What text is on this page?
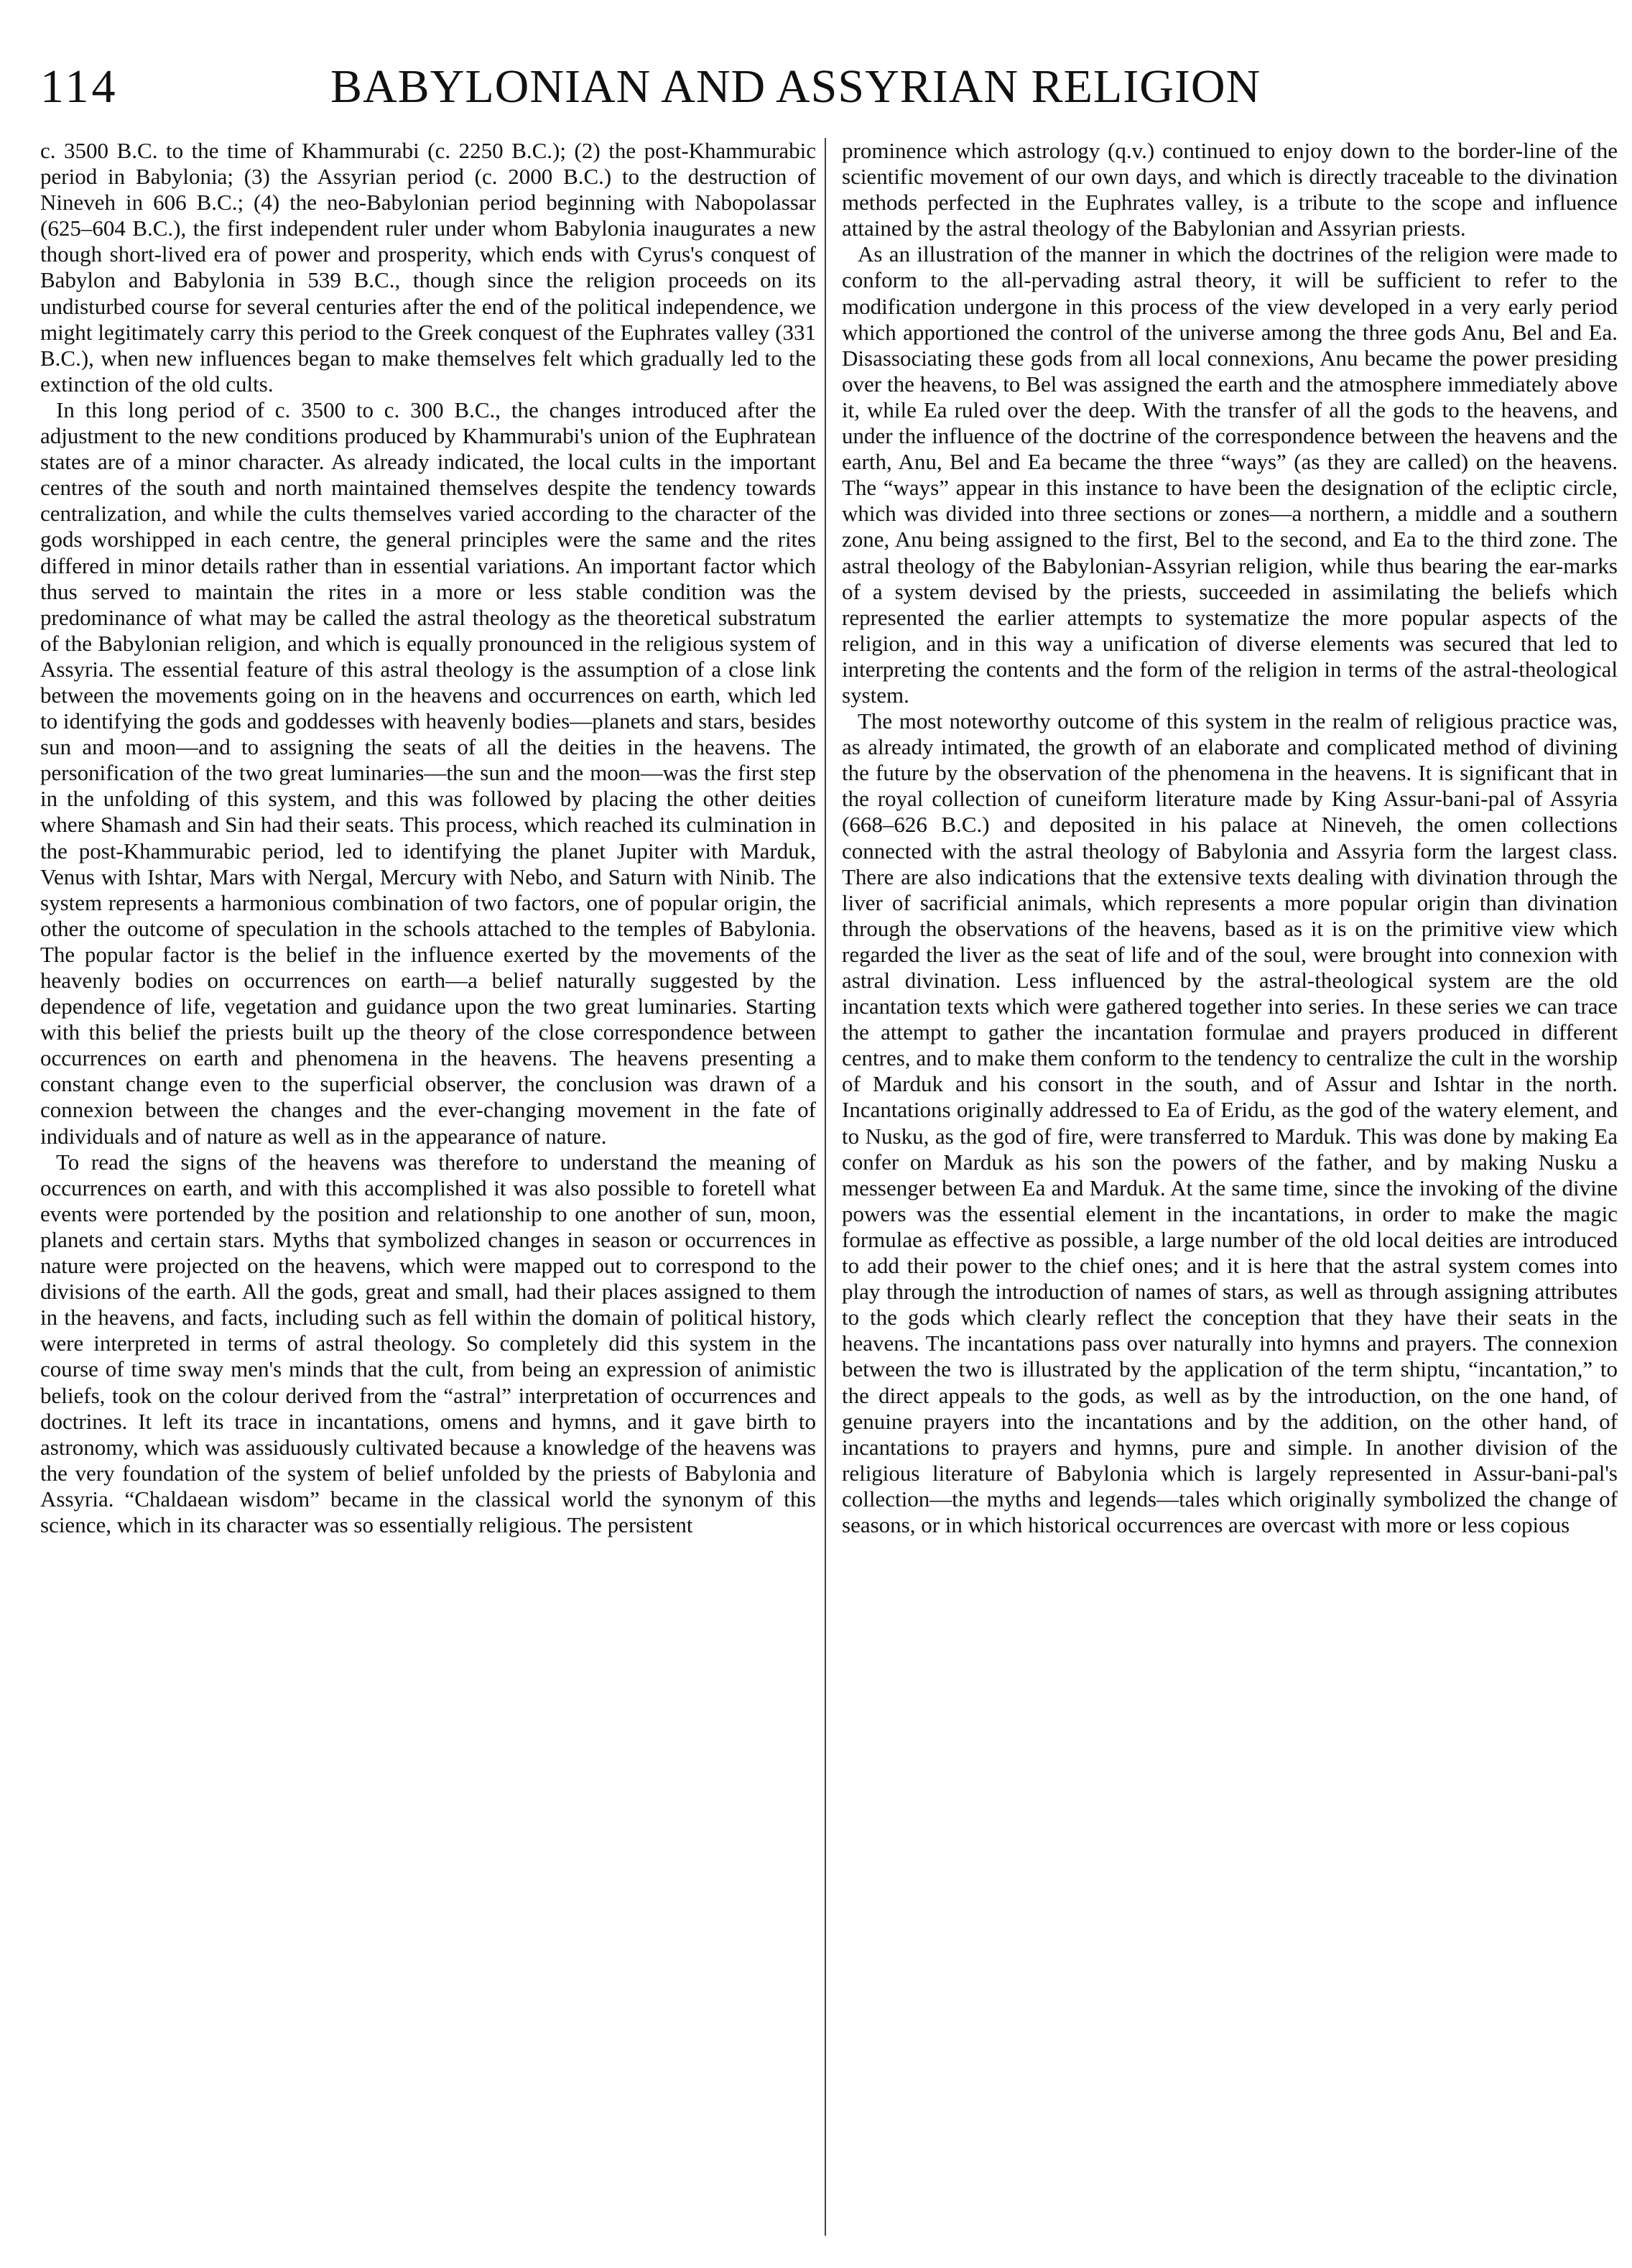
114	BABYLONIAN AND ASSYRIAN RELIGION

c. 3500 B.C. to the time of Khammurabi (c. 2250 B.C.); (2) the post-Khammurabic period in Babylonia; (3) the Assyrian period (c. 2000 B.C.) to the destruction of Nineveh in 606 B.C.; (4) the neo-Babylonian period beginning with Nabopolassar (625–604 B.C.), the first independent ruler under whom Babylonia inaugurates a new though short-lived era of power and prosperity, which ends with Cyrus's conquest of Babylon and Babylonia in 539 B.C., though since the religion proceeds on its undisturbed course for several centuries after the end of the political independence, we might legitimately carry this period to the Greek conquest of the Euphrates valley (331 B.C.), when new influences began to make themselves felt which gradually led to the extinction of the old cults.

In this long period of c. 3500 to c. 300 B.C., the changes introduced after the adjustment to the new conditions produced by Khammurabi's union of the Euphratean states are of a minor character. As already indicated, the local cults in the important centres of the south and north maintained themselves despite the tendency towards centralization, and while the cults themselves varied according to the character of the gods worshipped in each centre, the general principles were the same and the rites differed in minor details rather than in essential variations. An important factor which thus served to maintain the rites in a more or less stable condition was the predominance of what may be called the astral theology as the theoretical substratum of the Babylonian religion, and which is equally pronounced in the religious system of Assyria. The essential feature of this astral theology is the assumption of a close link between the movements going on in the heavens and occurrences on earth, which led to identifying the gods and goddesses with heavenly bodies—planets and stars, besides sun and moon—and to assigning the seats of all the deities in the heavens. The personification of the two great luminaries—the sun and the moon—was the first step in the unfolding of this system, and this was followed by placing the other deities where Shamash and Sin had their seats. This process, which reached its culmination in the post-Khammurabic period, led to identifying the planet Jupiter with Marduk, Venus with Ishtar, Mars with Nergal, Mercury with Nebo, and Saturn with Ninib. The system represents a harmonious combination of two factors, one of popular origin, the other the outcome of speculation in the schools attached to the temples of Babylonia. The popular factor is the belief in the influence exerted by the movements of the heavenly bodies on occurrences on earth—a belief naturally suggested by the dependence of life, vegetation and guidance upon the two great luminaries. Starting with this belief the priests built up the theory of the close correspondence between occurrences on earth and phenomena in the heavens. The heavens presenting a constant change even to the superficial observer, the conclusion was drawn of a connexion between the changes and the ever-changing movement in the fate of individuals and of nature as well as in the appearance of nature.

To read the signs of the heavens was therefore to understand the meaning of occurrences on earth, and with this accomplished it was also possible to foretell what events were portended by the position and relationship to one another of sun, moon, planets and certain stars. Myths that symbolized changes in season or occurrences in nature were projected on the heavens, which were mapped out to correspond to the divisions of the earth. All the gods, great and small, had their places assigned to them in the heavens, and facts, including such as fell within the domain of political history, were interpreted in terms of astral theology. So completely did this system in the course of time sway men's minds that the cult, from being an expression of animistic beliefs, took on the colour derived from the “astral” interpretation of occurrences and doctrines. It left its trace in incantations, omens and hymns, and it gave birth to astronomy, which was assiduously cultivated because a knowledge of the heavens was the very foundation of the system of belief unfolded by the priests of Babylonia and Assyria. “Chaldaean wisdom” became in the classical world the synonym of this science, which in its character was so essentially religious. The persistent

prominence which astrology (q.v.) continued to enjoy down to the border-line of the scientific movement of our own days, and which is directly traceable to the divination methods perfected in the Euphrates valley, is a tribute to the scope and influence attained by the astral theology of the Babylonian and Assyrian priests.

As an illustration of the manner in which the doctrines of the religion were made to conform to the all-pervading astral theory, it will be sufficient to refer to the modification undergone in this process of the view developed in a very early period which apportioned the control of the universe among the three gods Anu, Bel and Ea. Disassociating these gods from all local connexions, Anu became the power presiding over the heavens, to Bel was assigned the earth and the atmosphere immediately above it, while Ea ruled over the deep. With the transfer of all the gods to the heavens, and under the influence of the doctrine of the correspondence between the heavens and the earth, Anu, Bel and Ea became the three “ways” (as they are called) on the heavens. The “ways” appear in this instance to have been the designation of the ecliptic circle, which was divided into three sections or zones—a northern, a middle and a southern zone, Anu being assigned to the first, Bel to the second, and Ea to the third zone. The astral theology of the Babylonian-Assyrian religion, while thus bearing the ear-marks of a system devised by the priests, succeeded in assimilating the beliefs which represented the earlier attempts to systematize the more popular aspects of the religion, and in this way a unification of diverse elements was secured that led to interpreting the contents and the form of the religion in terms of the astral-theological system.

The most noteworthy outcome of this system in the realm of religious practice was, as already intimated, the growth of an elaborate and complicated method of divining the future by the observation of the phenomena in the heavens. It is significant that in the royal collection of cuneiform literature made by King Assur-bani-pal of Assyria (668–626 B.C.) and deposited in his palace at Nineveh, the omen collections connected with the astral theology of Babylonia and Assyria form the largest class. There are also indications that the extensive texts dealing with divination through the liver of sacrificial animals, which represents a more popular origin than divination through the observations of the heavens, based as it is on the primitive view which regarded the liver as the seat of life and of the soul, were brought into connexion with astral divination. Less influenced by the astral-theological system are the old incantation texts which were gathered together into series. In these series we can trace the attempt to gather the incantation formulae and prayers produced in different centres, and to make them conform to the tendency to centralize the cult in the worship of Marduk and his consort in the south, and of Assur and Ishtar in the north. Incantations originally addressed to Ea of Eridu, as the god of the watery element, and to Nusku, as the god of fire, were transferred to Marduk. This was done by making Ea confer on Marduk as his son the powers of the father, and by making Nusku a messenger between Ea and Marduk. At the same time, since the invoking of the divine powers was the essential element in the incantations, in order to make the magic formulae as effective as possible, a large number of the old local deities are introduced to add their power to the chief ones; and it is here that the astral system comes into play through the introduction of names of stars, as well as through assigning attributes to the gods which clearly reflect the conception that they have their seats in the heavens. The incantations pass over naturally into hymns and prayers. The connexion between the two is illustrated by the application of the term shiptu, “incantation,” to the direct appeals to the gods, as well as by the introduction, on the one hand, of genuine prayers into the incantations and by the addition, on the other hand, of incantations to prayers and hymns, pure and simple. In another division of the religious literature of Babylonia which is largely represented in Assur-bani-pal's collection—the myths and legends—tales which originally symbolized the change of seasons, or in which historical occurrences are overcast with more or less copious
